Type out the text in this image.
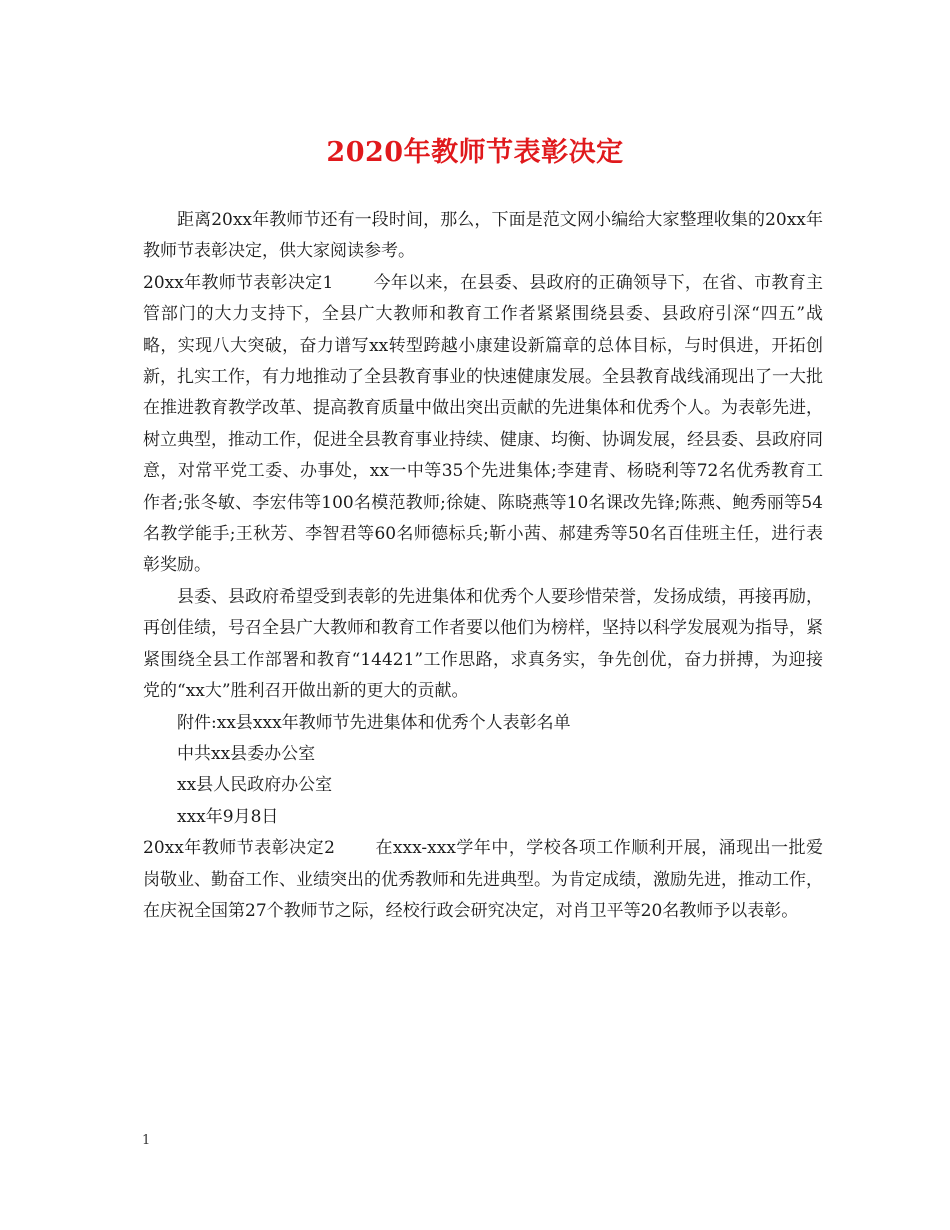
2020年教师节表彰决定

距离20xx年教师节还有一段时间，那么，下面是范文网小编给大家整理收集的20xx年教师节表彰决定，供大家阅读参考。

20xx年教师节表彰决定1 今年以来，在县委、县政府的正确领导下，在省、市教育主管部门的大力支持下，全县广大教师和教育工作者紧紧围绕县委、县政府引深“四五”战略，实现八大突破，奋力谱写xx转型跨越小康建设新篇章的总体目标，与时俱进，开拓创新，扎实工作，有力地推动了全县教育事业的快速健康发展。全县教育战线涌现出了一大批在推进教育教学改革、提高教育质量中做出突出贡献的先进集体和优秀个人。为表彰先进，树立典型，推动工作，促进全县教育事业持续、健康、均衡、协调发展，经县委、县政府同意，对常平党工委、办事处，xx一中等35个先进集体;李建青、杨晓利等72名优秀教育工作者;张冬敏、李宏伟等100名模范教师;徐婕、陈晓燕等10名课改先锋;陈燕、鲍秀丽等54名教学能手;王秋芳、李智君等60名师德标兵;靳小茜、郝建秀等50名百佳班主任，进行表彰奖励。

县委、县政府希望受到表彰的先进集体和优秀个人要珍惜荣誉，发扬成绩，再接再励，再创佳绩，号召全县广大教师和教育工作者要以他们为榜样，坚持以科学发展观为指导，紧紧围绕全县工作部署和教育“14421”工作思路，求真务实，争先创优，奋力拼搏，为迎接党的“xx大”胜利召开做出新的更大的贡献。

附件:xx县xxx年教师节先进集体和优秀个人表彰名单

中共xx县委办公室

xx县人民政府办公室

xxx年9月8日

20xx年教师节表彰决定2 在xxx-xxx学年中，学校各项工作顺利开展，涌现出一批爱岗敬业、勤奋工作、业绩突出的优秀教师和先进典型。为肯定成绩，激励先进，推动工作，在庆祝全国第27个教师节之际，经校行政会研究决定，对肖卫平等20名教师予以表彰。

1
